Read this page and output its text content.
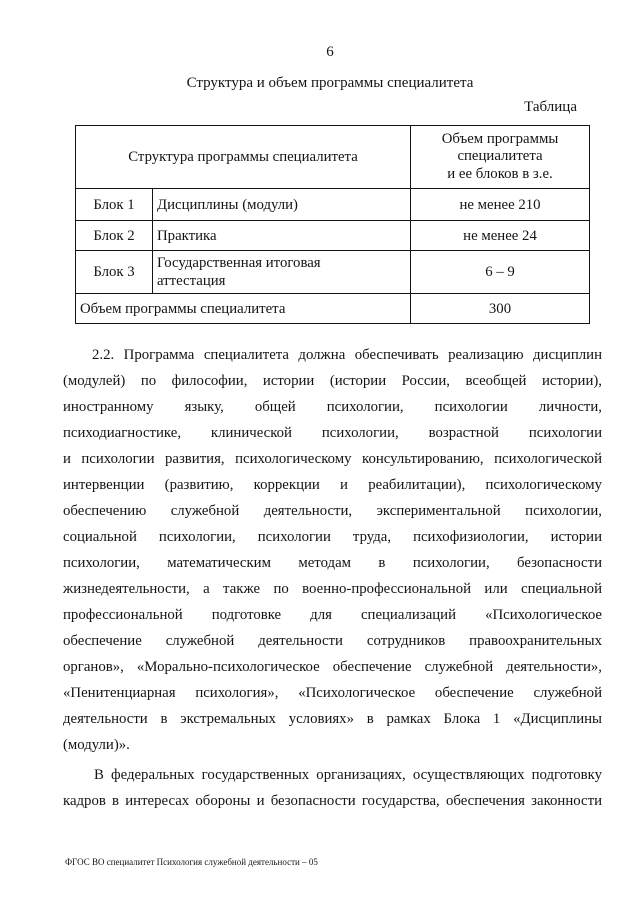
6
Структура и объем программы специалитета
Таблица
Структура программы специалитета		Объем программы
специалитета
и ее блоков в з.е.

Блок 1	Дисциплины (модули)	не менее 210
Блок 2	Практика	не менее 24
Блок 3	Государственная итоговая аттестация	6 – 9
Объем программы специалитета		300
2.2. Программа специалитета должна обеспечивать реализацию дисциплин
(модулей) по философии, истории (истории России, всеобщей истории),
иностранному языку, общей психологии, психологии личности,
психодиагностике, клинической психологии, возрастной психологии
и психологии развития, психологическому консультированию, психологической
интервенции (развитию, коррекции и реабилитации), психологическому
обеспечению служебной деятельности, экспериментальной психологии,
социальной психологии, психологии труда, психофизиологии, истории
психологии, математическим методам в психологии, безопасности
жизнедеятельности, а также по военно-профессиональной или специальной
профессиональной подготовке для специализаций «Психологическое
обеспечение служебной деятельности сотрудников правоохранительных
органов», «Морально-психологическое обеспечение служебной деятельности»,
«Пенитенциарная психология», «Психологическое обеспечение служебной
деятельности в экстремальных условиях» в рамках Блока 1 «Дисциплины
(модули)».
В федеральных государственных организациях, осуществляющих подготовку
кадров в интересах обороны и безопасности государства, обеспечения законности
ФГОС ВО специалитет Психология служебной деятельности – 05
